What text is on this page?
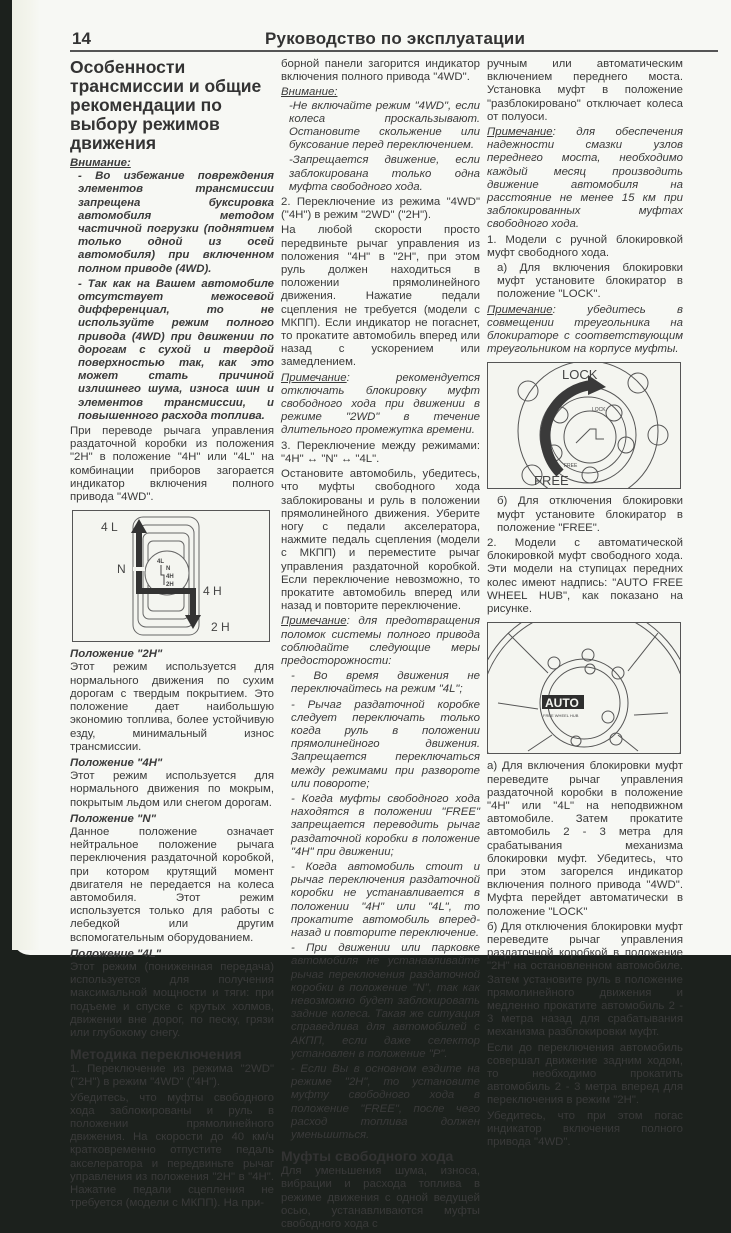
14	Руководство по эксплуатации
Особенности трансмиссии и общие рекомендации по выбору режимов движения
Внимание:

- Во избежание повреждения элементов трансмиссии запрещена буксировка автомобиля методом частичной погрузки (поднятием только одной из осей автомобиля) при включенном полном приводе (4WD).

- Так как на Вашем автомобиле отсутствует межосевой дифференциал, то не используйте режим полного привода (4WD) при движении по дорогам с сухой и твердой поверхностью так, как это может стать причиной излишнего шума, износа шин и элементов трансмиссии, и повышенного расхода топлива.

При переводе рычага управления раздаточной коробки из положения "2H" в положение "4H" или "4L" на комбинации приборов загорается индикатор включения полного привода "4WD".

4 L
N
4 H
2 H
4L
N
4H
2H
Положение "2H"

Этот режим используется для нормального движения по сухим дорогам с твердым покрытием. Это положение дает наибольшую экономию топлива, более устойчивую езду, минимальный износ трансмиссии.

Положение "4H"

Этот режим используется для нормального движения по мокрым, покрытым льдом или снегом дорогам.

Положение "N"

Данное положение означает нейтральное положение рычага переключения раздаточной коробкой, при котором крутящий момент двигателя не передается на колеса автомобиля. Этот режим используется только для работы с лебедкой или другим вспомогательным оборудованием.

Положение "4L"

Этот режим (пониженная передача) используется для получения максимальной мощности и тяги: при подъеме и спуске с крутых холмов, движении вне дорог, по песку, грязи или глубокому снегу.

Методика переключения

1. Переключение из режима "2WD" ("2H") в режим "4WD" ("4H").

Убедитесь, что муфты свободного хода заблокированы и руль в положении прямолинейного движения. На скорости до 40 км/ч кратковременно отпустите педаль акселератора и передвиньте рычаг управления из положения "2H" в "4H". Нажатие педали сцепления не требуется (модели с МКПП). На при-

борной панели загорится индикатор включения полного привода "4WD".

Внимание:

-Не включайте режим "4WD", если колеса проскальзывают. Остановите скольжение или буксование перед переключением.

-Запрещается движение, если заблокирована только одна муфта свободного хода.

2. Переключение из режима "4WD" ("4H") в режим "2WD" ("2H").

На любой скорости просто передвиньте рычаг управления из положения "4H" в "2H", при этом руль должен находиться в положении прямолинейного движения. Нажатие педали сцепления не требуется (модели с МКПП). Если индикатор не погаснет, то прокатите автомобиль вперед или назад с ускорением или замедлением.

Примечание: рекомендуется отключать блокировку муфт свободного хода при движении в режиме "2WD" в течение длительного промежутка времени.

3. Переключение между режимами: "4H" ↔ "N" ↔ "4L".

Остановите автомобиль, убедитесь, что муфты свободного хода заблокированы и руль в положении прямолинейного движения. Уберите ногу с педали акселератора, нажмите педаль сцепления (модели с МКПП) и переместите рычаг управления раздаточной коробкой. Если переключение невозможно, то прокатите автомобиль вперед или назад и повторите переключение.

Примечание: для предотвращения поломок системы полного привода соблюдайте следующие меры предосторожности:

- Во время движения не переключайтесь на режим "4L";

- Рычаг раздаточной коробке следует переключать только когда руль в положении прямолинейного движения. Запрещается переключаться между режимами при развороте или повороте;

- Когда муфты свободного хода находятся в положении "FREE" запрещается переводить рычаг раздаточной коробки в положение "4H" при движении;

- Когда автомобиль стоит и рычаг переключения раздаточной коробки не устанавливается в положении "4H" или "4L", то прокатите автомобиль вперед-назад и повторите переключение.

- При движении или парковке автомобиля не устанавливайте рычаг переключения раздаточной коробки в положение "N", так как невозможно будет заблокировать задние колеса. Такая же ситуация справедлива для автомобилей с АКПП, если даже селектор установлен в положение "P".

- Если Вы в основном ездите на режиме "2H", то установите муфту свободного хода в положение "FREE", после чего расход топлива должен уменьшиться.

Муфты свободного хода

Для уменьшения шума, износа, вибрации и расхода топлива в режиме движения с одной ведущей осью, устанавливаются муфты свободного хода с

ручным или автоматическим включением переднего моста. Установка муфт в положение "разблокировано" отключает колеса от полуоси.

Примечание: для обеспечения надежности смазки узлов переднего моста, необходимо каждый месяц производить движение автомобиля на расстояние не менее 15 км при заблокированных муфтах свободного хода.

1. Модели с ручной блокировкой муфт свободного хода.

а) Для включения блокировки муфт установите блокиратор в положение "LOCK".

Примечание: убедитесь в совмещении треугольника на блокираторе с соответствующим треугольником на корпусе муфты.

LOCK
FREE
LOCK
FREE

б) Для отключения блокировки муфт установите блокиратор в положение "FREE".

2. Модели с автоматической блокировкой муфт свободного хода. Эти модели на ступицах передних колес имеют надпись: "AUTO FREE WHEEL HUB", как показано на рисунке.

AUTO
FREE WHEEL HUB

а) Для включения блокировки муфт переведите рычаг управления раздаточной коробки в положение "4H" или "4L" на неподвижном автомобиле. Затем прокатите автомобиль 2 - 3 метра для срабатывания механизма блокировки муфт. Убедитесь, что при этом загорелся индикатор включения полного привода "4WD". Муфта перейдет автоматически в положение "LOCK"

б) Для отключения блокировки муфт переведите рычаг управления раздаточной коробкой в положение "2H" на остановленном автомобиле. Затем установите руль в положение прямолинейного движения и медленно прокатите автомобиль 2 - 3 метра назад для срабатывания механизма разблокировки муфт.

Если до переключения автомобиль совершал движение задним ходом, то необходимо прокатить автомобиль 2 - 3 метра вперед для переключения в режим "2H".

Убедитесь, что при этом погас индикатор включения полного привода "4WD".
